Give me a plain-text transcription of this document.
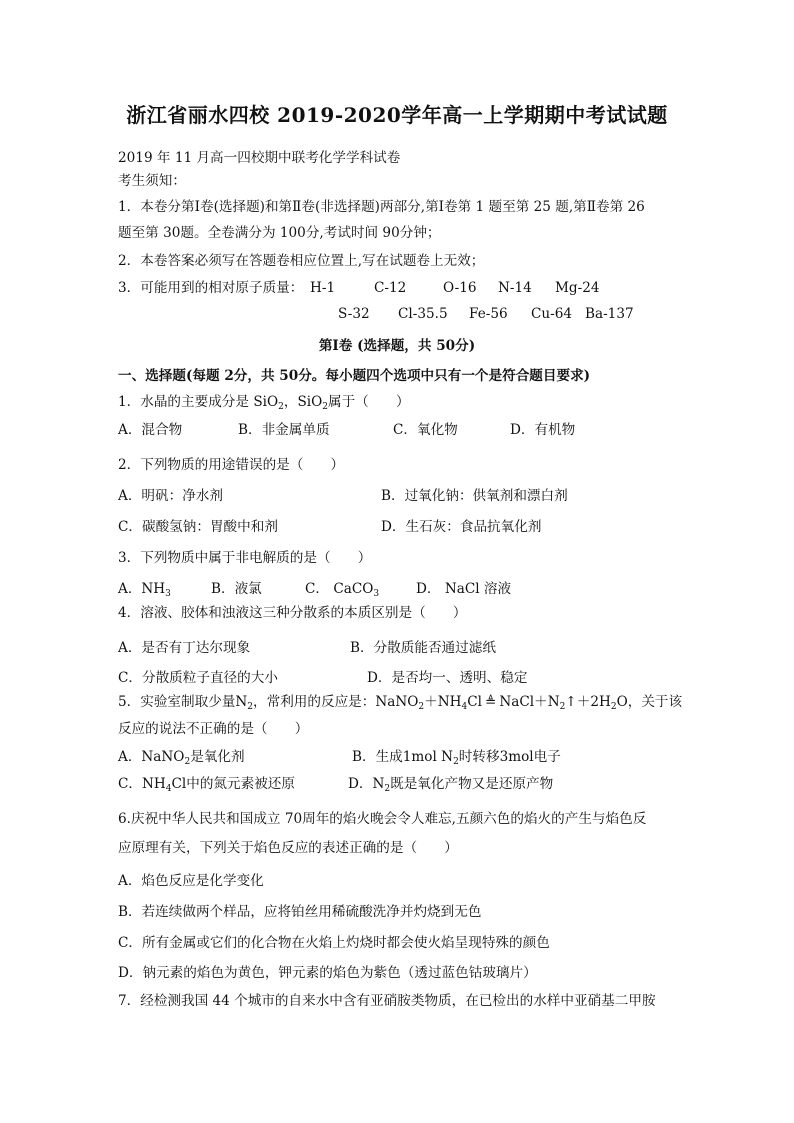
浙江省丽水四校 2019-2020学年高一上学期期中考试试题
2019 年 11 月高一四校期中联考化学学科试卷
考生须知：
1．本卷分第Ⅰ卷(选择题)和第Ⅱ卷(非选择题)两部分,第Ⅰ卷第 1 题至第 25 题,第Ⅱ卷第 26
题至第 30题。全卷满分为 100分,考试时间 90分钟；
2．本卷答案必须写在答题卷相应位置上,写在试题卷上无效；
3．可能用到的相对原子质量： H-1	C-12	O-16 N-14 Mg-24
S-32 Cl-35.5 Fe-56 Cu-64 Ba-137
第Ⅰ卷 (选择题，共 50分)
一、选择题(每题 2分，共 50分。每小题四个选项中只有一个是符合题目要求)
1．水晶的主要成分是 SiO$_2$，SiO$_2$属于（　　）
A．混合物	B．非金属单质	C．氧化物	D．有机物
2．下列物质的用途错误的是（　　）
A．明矾：净水剂	B．过氧化钠：供氧剂和漂白剂
C．碳酸氢钠：胃酸中和剂	D．生石灰：食品抗氧化剂
3．下列物质中属于非电解质的是（　　）
A．$NH_3$	B．液氯	C． CaCO$_3$	D． NaCl 溶液
4．溶液、胶体和浊液这三种分散系的本质区别是（　　）
A．是否有丁达尔现象	B．分散质能否通过滤纸
C．分散质粒子直径的大小	D．是否均一、透明、稳定
5．实验室制取少量$N_2$，常利用的反应是：$NaNO_2+NH_4Cl$ ≜ $NaCl+N_2↑+2H_2O$，关于该
反应的说法不正确的是（　　）
A．NaNO$_2$是氧化剂	B．生成1mol $N_2$时转移3mol电子
C．$NH_4Cl$中的氮元素被还原	D．$N_2$既是氧化产物又是还原产物
6.庆祝中华人民共和国成立 70周年的焰火晚会令人难忘,五颜六色的焰火的产生与焰色反
应原理有关，下列关于焰色反应的表述正确的是（　　）
A．焰色反应是化学变化
B．若连续做两个样品，应将铂丝用稀硫酸洗净并灼烧到无色
C．所有金属或它们的化合物在火焰上灼烧时都会使火焰呈现特殊的颜色
D．钠元素的焰色为黄色，钾元素的焰色为紫色（透过蓝色钴玻璃片）
7．经检测我国 44 个城市的自来水中含有亚硝胺类物质，在已检出的水样中亚硝基二甲胺
